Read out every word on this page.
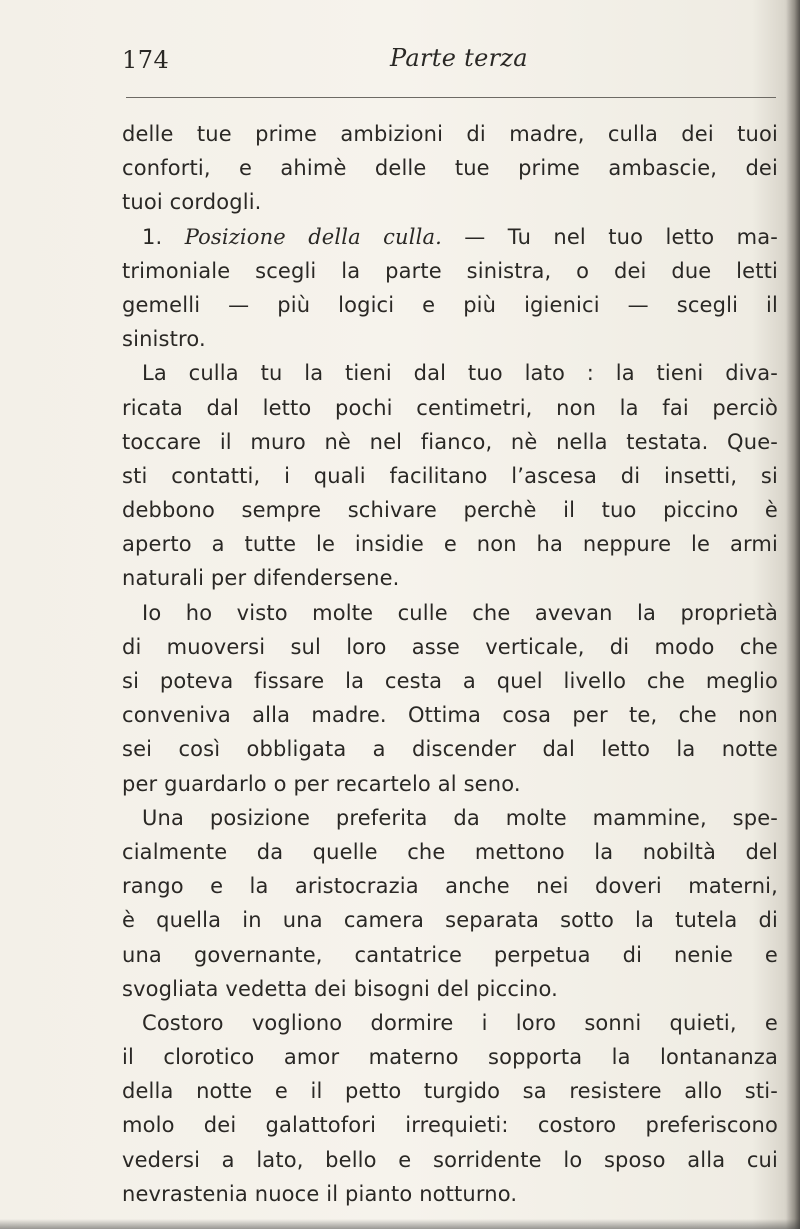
174	Parte terza
delle tue prime ambizioni di madre, culla dei tuoi
conforti, e ahimè delle tue prime ambascie, dei
tuoi cordogli.
1. Posizione della culla. — Tu nel tuo letto ma-
trimoniale scegli la parte sinistra, o dei due letti
gemelli — più logici e più igienici — scegli il
sinistro.
La culla tu la tieni dal tuo lato : la tieni diva-
ricata dal letto pochi centimetri, non la fai perciò
toccare il muro nè nel fianco, nè nella testata. Que-
sti contatti, i quali facilitano l’ascesa di insetti, si
debbono sempre schivare perchè il tuo piccino è
aperto a tutte le insidie e non ha neppure le armi
naturali per difendersene.
Io ho visto molte culle che avevan la proprietà
di muoversi sul loro asse verticale, di modo che
si poteva fissare la cesta a quel livello che meglio
conveniva alla madre. Ottima cosa per te, che non
sei così obbligata a discender dal letto la notte
per guardarlo o per recartelo al seno.
Una posizione preferita da molte mammine, spe-
cialmente da quelle che mettono la nobiltà del
rango e la aristocrazia anche nei doveri materni,
è quella in una camera separata sotto la tutela di
una governante, cantatrice perpetua di nenie e
svogliata vedetta dei bisogni del piccino.
Costoro vogliono dormire i loro sonni quieti, e
il clorotico amor materno sopporta la lontananza
della notte e il petto turgido sa resistere allo sti-
molo dei galattofori irrequieti: costoro preferiscono
vedersi a lato, bello e sorridente lo sposo alla cui
nevrastenia nuoce il pianto notturno.
